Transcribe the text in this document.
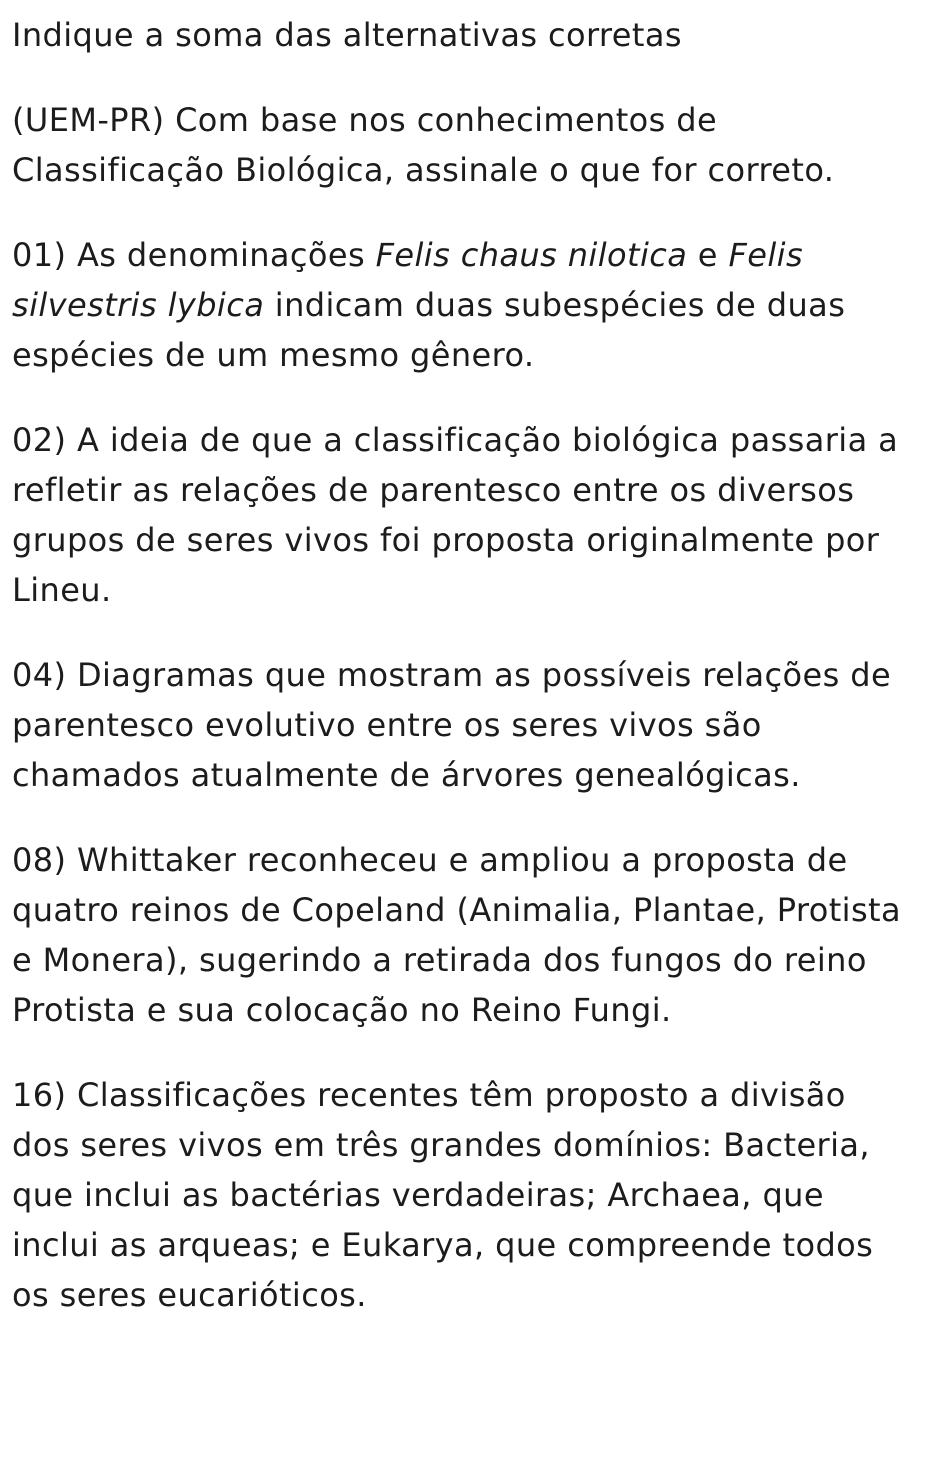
Indique a soma das alternativas corretas

(UEM-PR) Com base nos conhecimentos de Classificação Biológica, assinale o que for correto.

01) As denominações Felis chaus nilotica e Felis silvestris lybica indicam duas subespécies de duas espécies de um mesmo gênero.

02) A ideia de que a classificação biológica passaria a refletir as relações de parentesco entre os diversos grupos de seres vivos foi proposta originalmente por Lineu.

04) Diagramas que mostram as possíveis relações de parentesco evolutivo entre os seres vivos são chamados atualmente de árvores genealógicas.

08) Whittaker reconheceu e ampliou a proposta de quatro reinos de Copeland (Animalia, Plantae, Protista e Monera), sugerindo a retirada dos fungos do reino Protista e sua colocação no Reino Fungi.

16) Classificações recentes têm proposto a divisão dos seres vivos em três grandes domínios: Bacteria, que inclui as bactérias verdadeiras; Archaea, que inclui as arqueas; e Eukarya, que compreende todos os seres eucarióticos.
